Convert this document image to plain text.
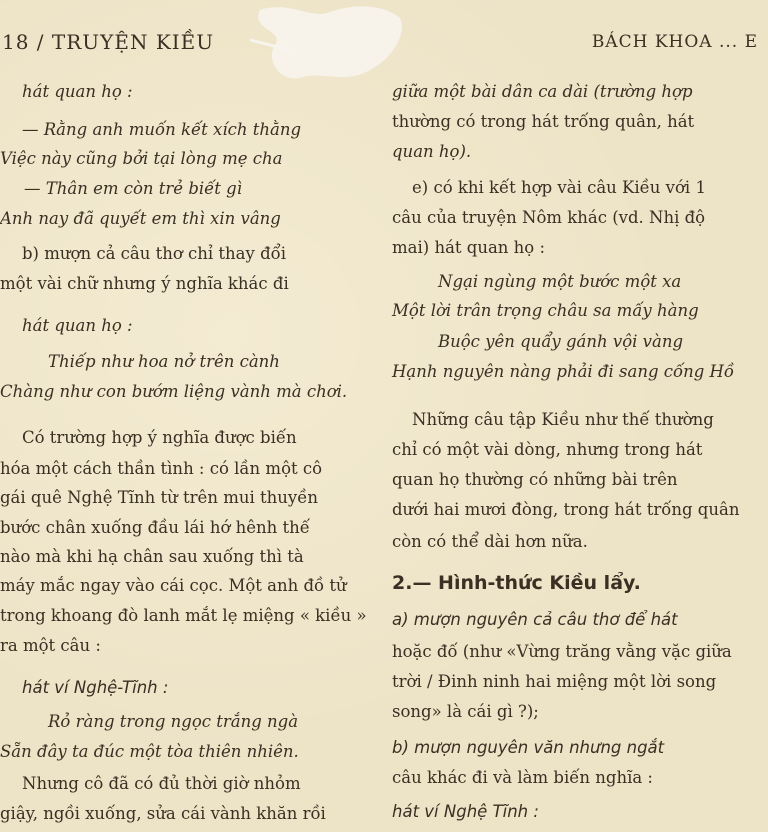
18 / TRUYỆN KIỀU	BÁCH KHOA ... E
hát quan họ :
— Rằng anh muốn kết xích thằng
Việc này cũng bởi tại lòng mẹ cha
— Thân em còn trẻ biết gì
Anh nay đã quyết em thì xin vâng
b) mượn cả câu thơ chỉ thay đổi
một vài chữ nhưng ý nghĩa khác đi
hát quan họ :
Thiếp như hoa nở trên cành
Chàng như con bướm liệng vành mà chơi.
Có trường hợp ý nghĩa được biến
hóa một cách thần tình : có lần một cô
gái quê Nghệ Tĩnh từ trên mui thuyền
bước chân xuống đầu lái hớ hênh thế
nào mà khi hạ chân sau xuống thì tà
máy mắc ngay vào cái cọc. Một anh đồ tử
trong khoang đò lanh mắt lẹ miệng « kiều »
ra một câu :
hát ví Nghệ-Tĩnh :
Rỏ ràng trong ngọc trắng ngà
Sẵn đây ta đúc một tòa thiên nhiên.
Nhưng cô đã có đủ thời giờ nhỏm
giậy, ngồi xuống, sửa cái vành khăn rồi
giữa một bài dân ca dài (trường hợp
thường có trong hát trống quân, hát
quan họ).
e) có khi kết hợp vài câu Kiều với 1
câu của truyện Nôm khác (vd. Nhị độ
mai) hát quan họ :
Ngại ngùng một bước một xa
Một lời trân trọng châu sa mấy hàng
Buộc yên quẩy gánh vội vàng
Hạnh nguyên nàng phải đi sang cống Hồ
Những câu tập Kiều như thế thường
chỉ có một vài dòng, nhưng trong hát
quan họ thường có những bài trên
dưới hai mươi đòng, trong hát trống quân
còn có thể dài hơn nữa.
2.— Hình-thức Kiều lẩy.
a) mượn nguyên cả câu thơ để hát
hoặc đố (như «Vừng trăng vằng vặc giữa
trời / Đinh ninh hai miệng một lời song
song» là cái gì ?);
b) mượn nguyên văn nhưng ngắt
câu khác đi và làm biến nghĩa :
hát ví Nghệ Tĩnh :
